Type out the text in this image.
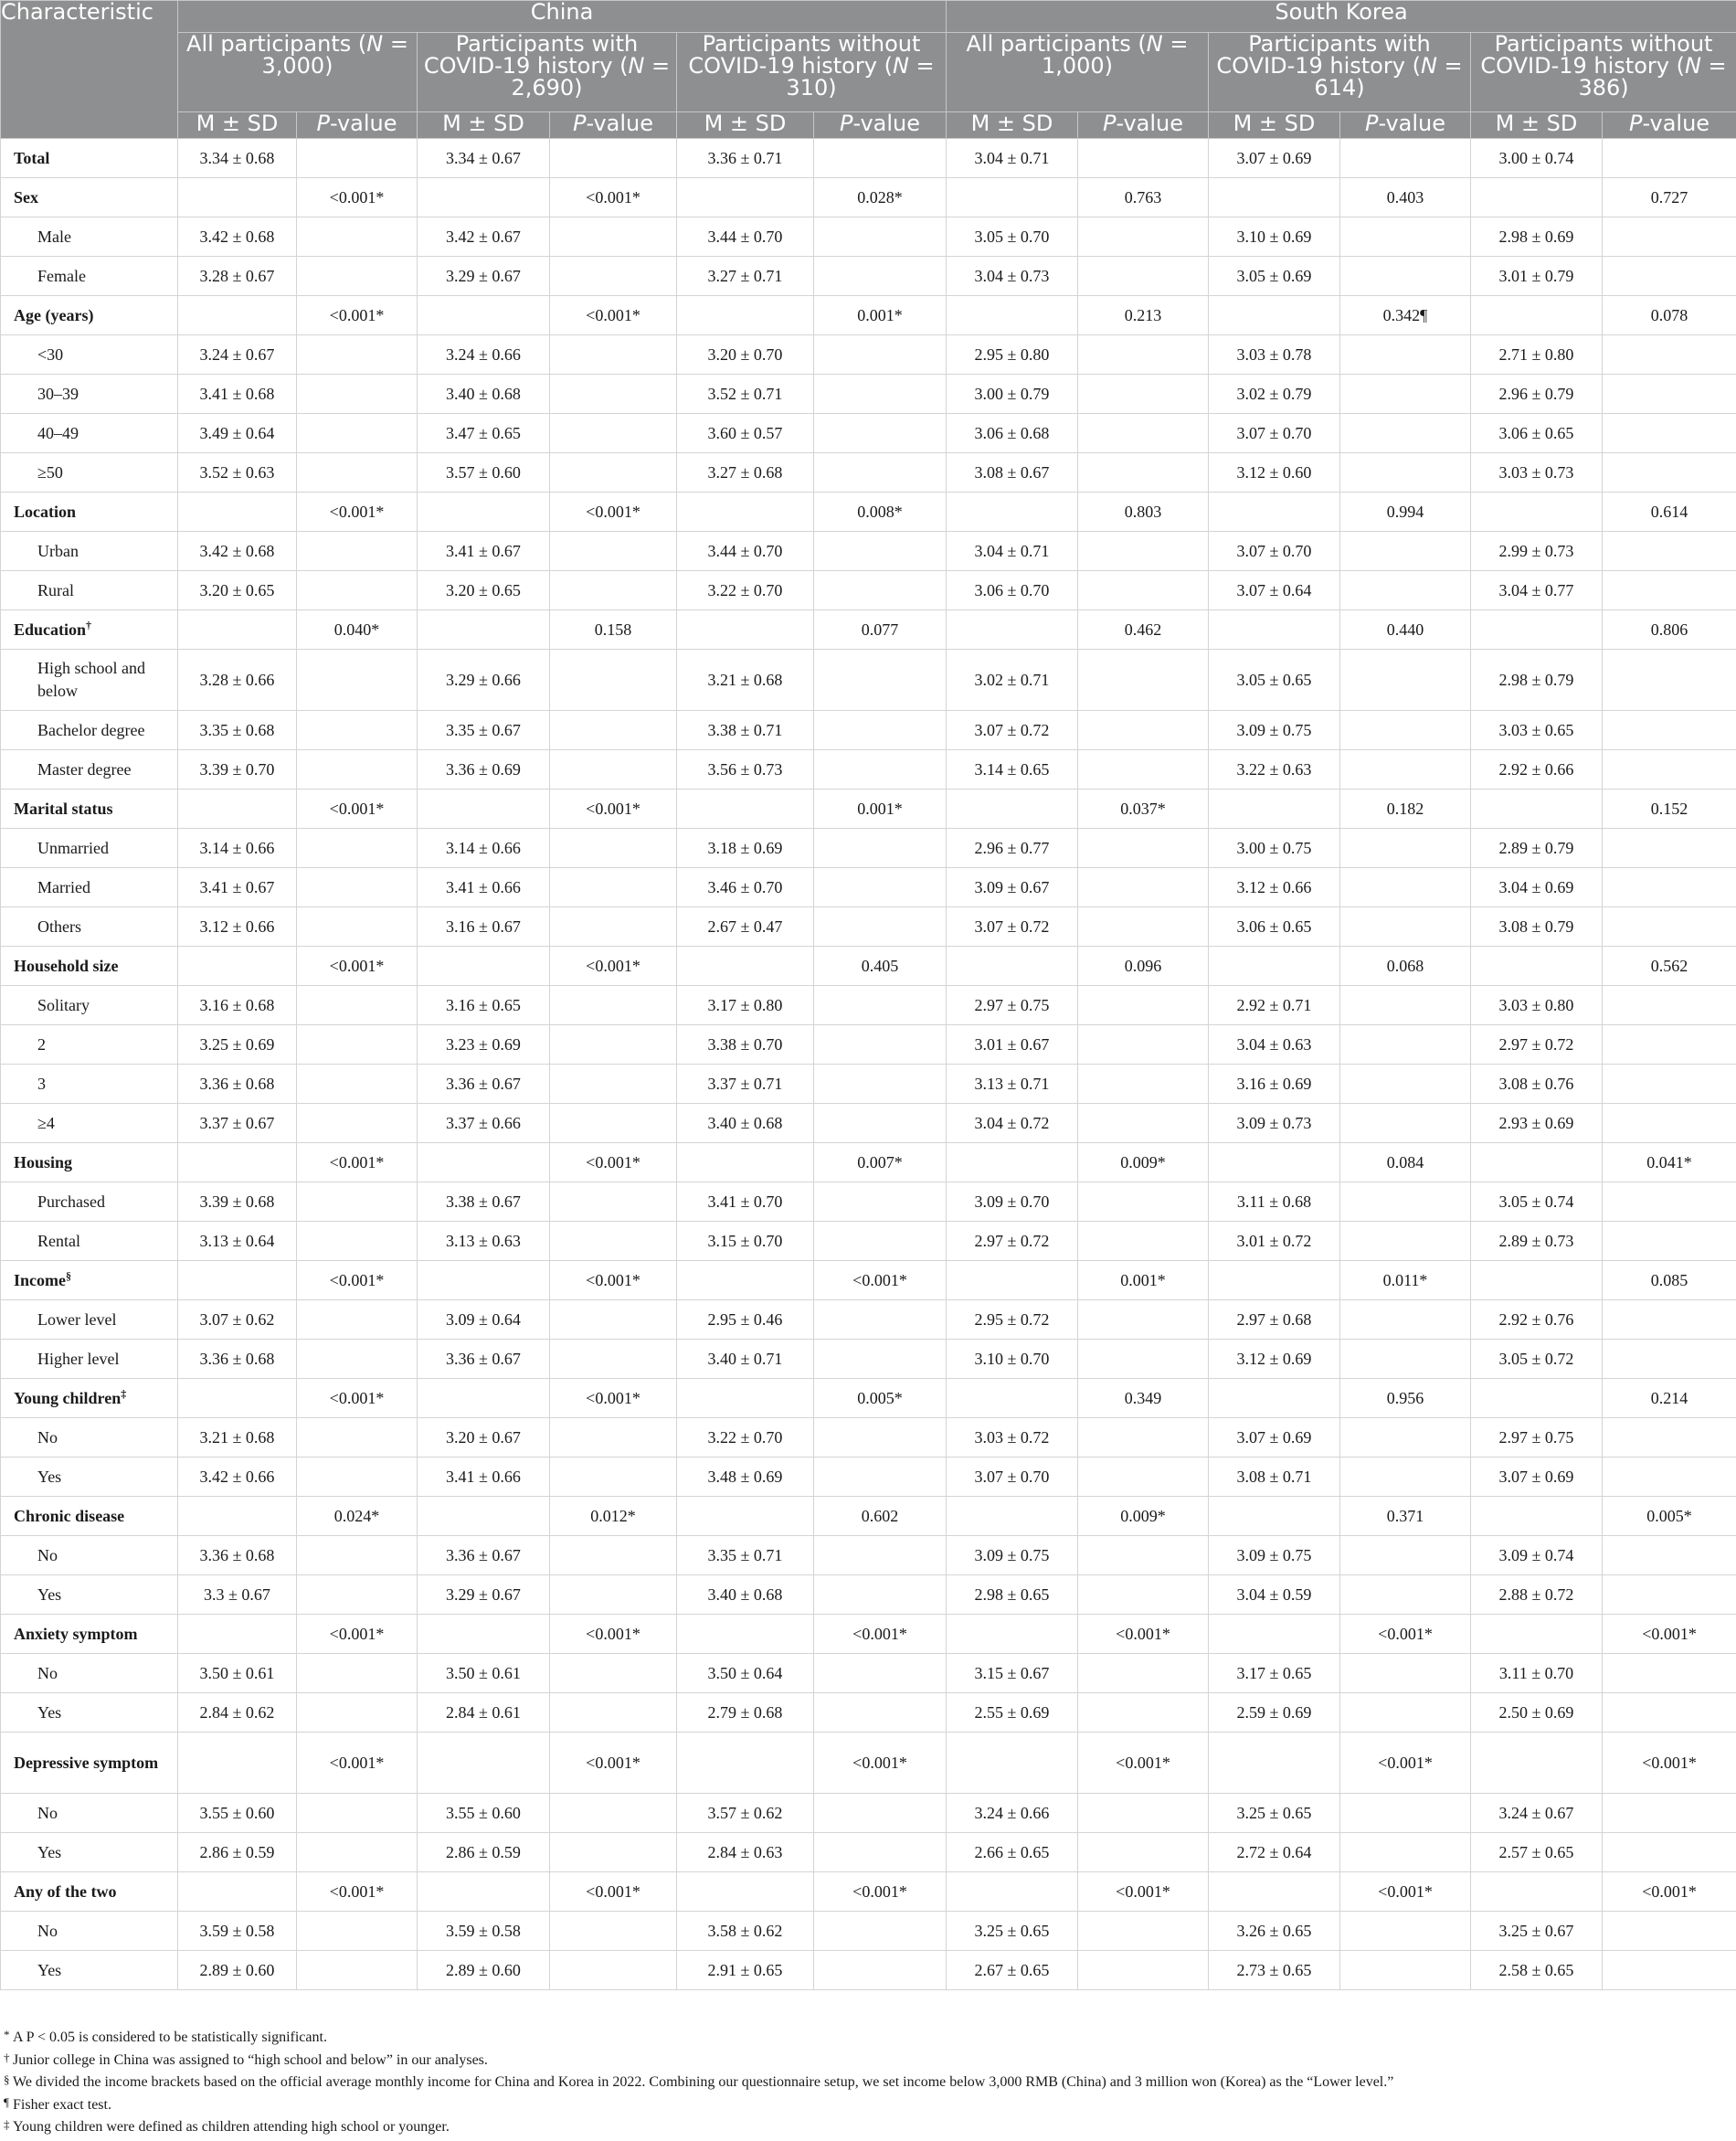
Characteristic	China						South Korea					
	All participants (N = 3,000)		Participants with COVID-19 history (N = 2,690)		Participants without COVID-19 history (N = 310)		All participants (N = 1,000)		Participants with COVID-19 history (N = 614)		Participants without COVID-19 history (N = 386)	
	M ± SD	P-value	M ± SD	P-value	M ± SD	P-value	M ± SD	P-value	M ± SD	P-value	M ± SD	P-value
Total	3.34 ± 0.68		3.34 ± 0.67		3.36 ± 0.71		3.04 ± 0.71		3.07 ± 0.69		3.00 ± 0.74	
Sex		<0.001*		<0.001*		0.028*		0.763		0.403		0.727
Male	3.42 ± 0.68		3.42 ± 0.67		3.44 ± 0.70		3.05 ± 0.70		3.10 ± 0.69		2.98 ± 0.69	
Female	3.28 ± 0.67		3.29 ± 0.67		3.27 ± 0.71		3.04 ± 0.73		3.05 ± 0.69		3.01 ± 0.79	
Age (years)		<0.001*		<0.001*		0.001*		0.213		0.342¶		0.078
<30	3.24 ± 0.67		3.24 ± 0.66		3.20 ± 0.70		2.95 ± 0.80		3.03 ± 0.78		2.71 ± 0.80	
30–39	3.41 ± 0.68		3.40 ± 0.68		3.52 ± 0.71		3.00 ± 0.79		3.02 ± 0.79		2.96 ± 0.79	
40–49	3.49 ± 0.64		3.47 ± 0.65		3.60 ± 0.57		3.06 ± 0.68		3.07 ± 0.70		3.06 ± 0.65	
≥50	3.52 ± 0.63		3.57 ± 0.60		3.27 ± 0.68		3.08 ± 0.67		3.12 ± 0.60		3.03 ± 0.73	
Location		<0.001*		<0.001*		0.008*		0.803		0.994		0.614
Urban	3.42 ± 0.68		3.41 ± 0.67		3.44 ± 0.70		3.04 ± 0.71		3.07 ± 0.70		2.99 ± 0.73	
Rural	3.20 ± 0.65		3.20 ± 0.65		3.22 ± 0.70		3.06 ± 0.70		3.07 ± 0.64		3.04 ± 0.77	
Education†		0.040*		0.158		0.077		0.462		0.440		0.806
High school and below	3.28 ± 0.66		3.29 ± 0.66		3.21 ± 0.68		3.02 ± 0.71		3.05 ± 0.65		2.98 ± 0.79	
Bachelor degree	3.35 ± 0.68		3.35 ± 0.67		3.38 ± 0.71		3.07 ± 0.72		3.09 ± 0.75		3.03 ± 0.65	
Master degree	3.39 ± 0.70		3.36 ± 0.69		3.56 ± 0.73		3.14 ± 0.65		3.22 ± 0.63		2.92 ± 0.66	
Marital status		<0.001*		<0.001*		0.001*		0.037*		0.182		0.152
Unmarried	3.14 ± 0.66		3.14 ± 0.66		3.18 ± 0.69		2.96 ± 0.77		3.00 ± 0.75		2.89 ± 0.79	
Married	3.41 ± 0.67		3.41 ± 0.66		3.46 ± 0.70		3.09 ± 0.67		3.12 ± 0.66		3.04 ± 0.69	
Others	3.12 ± 0.66		3.16 ± 0.67		2.67 ± 0.47		3.07 ± 0.72		3.06 ± 0.65		3.08 ± 0.79	
Household size		<0.001*		<0.001*		0.405		0.096		0.068		0.562
Solitary	3.16 ± 0.68		3.16 ± 0.65		3.17 ± 0.80		2.97 ± 0.75		2.92 ± 0.71		3.03 ± 0.80	
2	3.25 ± 0.69		3.23 ± 0.69		3.38 ± 0.70		3.01 ± 0.67		3.04 ± 0.63		2.97 ± 0.72	
3	3.36 ± 0.68		3.36 ± 0.67		3.37 ± 0.71		3.13 ± 0.71		3.16 ± 0.69		3.08 ± 0.76	
≥4	3.37 ± 0.67		3.37 ± 0.66		3.40 ± 0.68		3.04 ± 0.72		3.09 ± 0.73		2.93 ± 0.69	
Housing		<0.001*		<0.001*		0.007*		0.009*		0.084		0.041*
Purchased	3.39 ± 0.68		3.38 ± 0.67		3.41 ± 0.70		3.09 ± 0.70		3.11 ± 0.68		3.05 ± 0.74	
Rental	3.13 ± 0.64		3.13 ± 0.63		3.15 ± 0.70		2.97 ± 0.72		3.01 ± 0.72		2.89 ± 0.73	
Income§		<0.001*		<0.001*		<0.001*		0.001*		0.011*		0.085
Lower level	3.07 ± 0.62		3.09 ± 0.64		2.95 ± 0.46		2.95 ± 0.72		2.97 ± 0.68		2.92 ± 0.76	
Higher level	3.36 ± 0.68		3.36 ± 0.67		3.40 ± 0.71		3.10 ± 0.70		3.12 ± 0.69		3.05 ± 0.72	
Young children‡		<0.001*		<0.001*		0.005*		0.349		0.956		0.214
No	3.21 ± 0.68		3.20 ± 0.67		3.22 ± 0.70		3.03 ± 0.72		3.07 ± 0.69		2.97 ± 0.75	
Yes	3.42 ± 0.66		3.41 ± 0.66		3.48 ± 0.69		3.07 ± 0.70		3.08 ± 0.71		3.07 ± 0.69	
Chronic disease		0.024*		0.012*		0.602		0.009*		0.371		0.005*
No	3.36 ± 0.68		3.36 ± 0.67		3.35 ± 0.71		3.09 ± 0.75		3.09 ± 0.75		3.09 ± 0.74	
Yes	3.3 ± 0.67		3.29 ± 0.67		3.40 ± 0.68		2.98 ± 0.65		3.04 ± 0.59		2.88 ± 0.72	
Anxiety symptom		<0.001*		<0.001*		<0.001*		<0.001*		<0.001*		<0.001*
No	3.50 ± 0.61		3.50 ± 0.61		3.50 ± 0.64		3.15 ± 0.67		3.17 ± 0.65		3.11 ± 0.70	
Yes	2.84 ± 0.62		2.84 ± 0.61		2.79 ± 0.68		2.55 ± 0.69		2.59 ± 0.69		2.50 ± 0.69	
Depressive symptom		<0.001*		<0.001*		<0.001*		<0.001*		<0.001*		<0.001*
No	3.55 ± 0.60		3.55 ± 0.60		3.57 ± 0.62		3.24 ± 0.66		3.25 ± 0.65		3.24 ± 0.67	
Yes	2.86 ± 0.59		2.86 ± 0.59		2.84 ± 0.63		2.66 ± 0.65		2.72 ± 0.64		2.57 ± 0.65	
Any of the two		<0.001*		<0.001*		<0.001*		<0.001*		<0.001*		<0.001*
No	3.59 ± 0.58		3.59 ± 0.58		3.58 ± 0.62		3.25 ± 0.65		3.26 ± 0.65		3.25 ± 0.67	
Yes	2.89 ± 0.60		2.89 ± 0.60		2.91 ± 0.65		2.67 ± 0.65		2.73 ± 0.65		2.58 ± 0.65	
* A P < 0.05 is considered to be statistically significant.
† Junior college in China was assigned to “high school and below” in our analyses.
§ We divided the income brackets based on the official average monthly income for China and Korea in 2022. Combining our questionnaire setup, we set income below 3,000 RMB (China) and 3 million won (Korea) as the “Lower level.”
¶ Fisher exact test.
‡ Young children were defined as children attending high school or younger.
